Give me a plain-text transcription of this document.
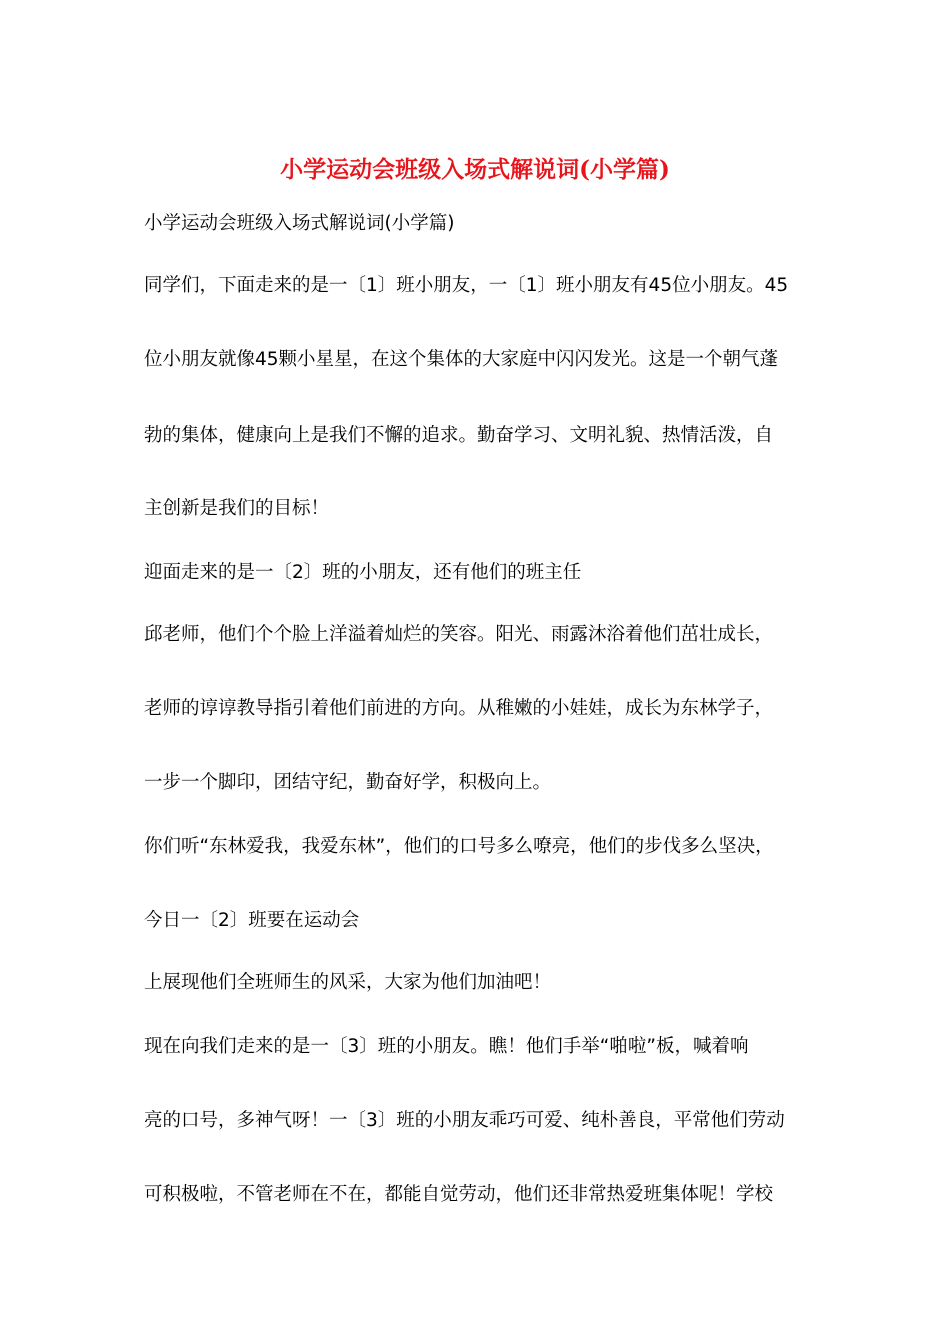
小学运动会班级入场式解说词(小学篇)
小学运动会班级入场式解说词(小学篇)
同学们，下面走来的是一〔1〕班小朋友，一〔1〕班小朋友有45位小朋友。45
位小朋友就像45颗小星星，在这个集体的大家庭中闪闪发光。这是一个朝气蓬
勃的集体，健康向上是我们不懈的追求。勤奋学习、文明礼貌、热情活泼，自
主创新是我们的目标！
迎面走来的是一〔2〕班的小朋友，还有他们的班主任
邱老师，他们个个脸上洋溢着灿烂的笑容。阳光、雨露沐浴着他们茁壮成长，
老师的谆谆教导指引着他们前进的方向。从稚嫩的小娃娃，成长为东林学子，
一步一个脚印，团结守纪，勤奋好学，积极向上。
你们听“东林爱我，我爱东林”，他们的口号多么嘹亮，他们的步伐多么坚决，
今日一〔2〕班要在运动会
上展现他们全班师生的风采，大家为他们加油吧！
现在向我们走来的是一〔3〕班的小朋友。瞧！他们手举“啪啦”板，喊着响
亮的口号，多神气呀！一〔3〕班的小朋友乖巧可爱、纯朴善良，平常他们劳动
可积极啦，不管老师在不在，都能自觉劳动，他们还非常热爱班集体呢！学校
